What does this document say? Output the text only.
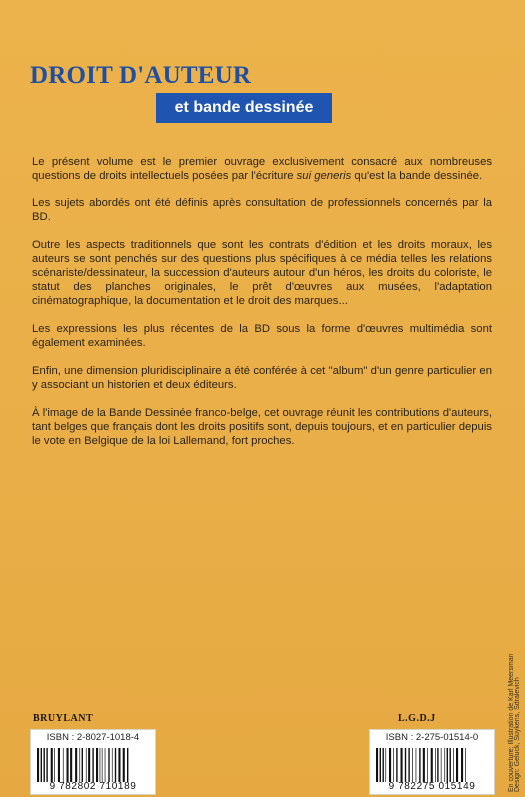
DROIT D'AUTEUR
et bande dessinée

Le présent volume est le premier ouvrage exclusivement consacré aux nombreuses questions de droits intellectuels posées par l'écriture sui generis qu'est la bande dessinée.

Les sujets abordés ont été définis après consultation de professionnels concernés par la BD.

Outre les aspects traditionnels que sont les contrats d'édition et les droits moraux, les auteurs se sont penchés sur des questions plus spécifiques à ce média telles les relations scénariste/dessinateur, la succession d'auteurs autour d'un héros, les droits du coloriste, le statut des planches originales, le prêt d'œuvres aux musées, l'adaptation cinématographique, la documentation et le droit des marques...

Les expressions les plus récentes de la BD sous la forme d'œuvres multimédia sont également examinées.

Enfin, une dimension pluridisciplinaire a été conférée à cet "album" d'un genre particulier en y associant un historien et deux éditeurs.

À l'image de la Bande Dessinée franco-belge, cet ouvrage réunit les contributions d'auteurs, tant belges que français dont les droits positifs sont, depuis toujours, et en particulier depuis le vote en Belgique de la loi Lallemand, fort proches.

En couverture: Illustration de Karl Meersman Design: Geluck, Suykens, Sdralevich
BRUYLANT
ISBN : 2-8027-1018-4
9 782802 710189
L.G.D.J
ISBN : 2-275-01514-0
9 782275 015149
